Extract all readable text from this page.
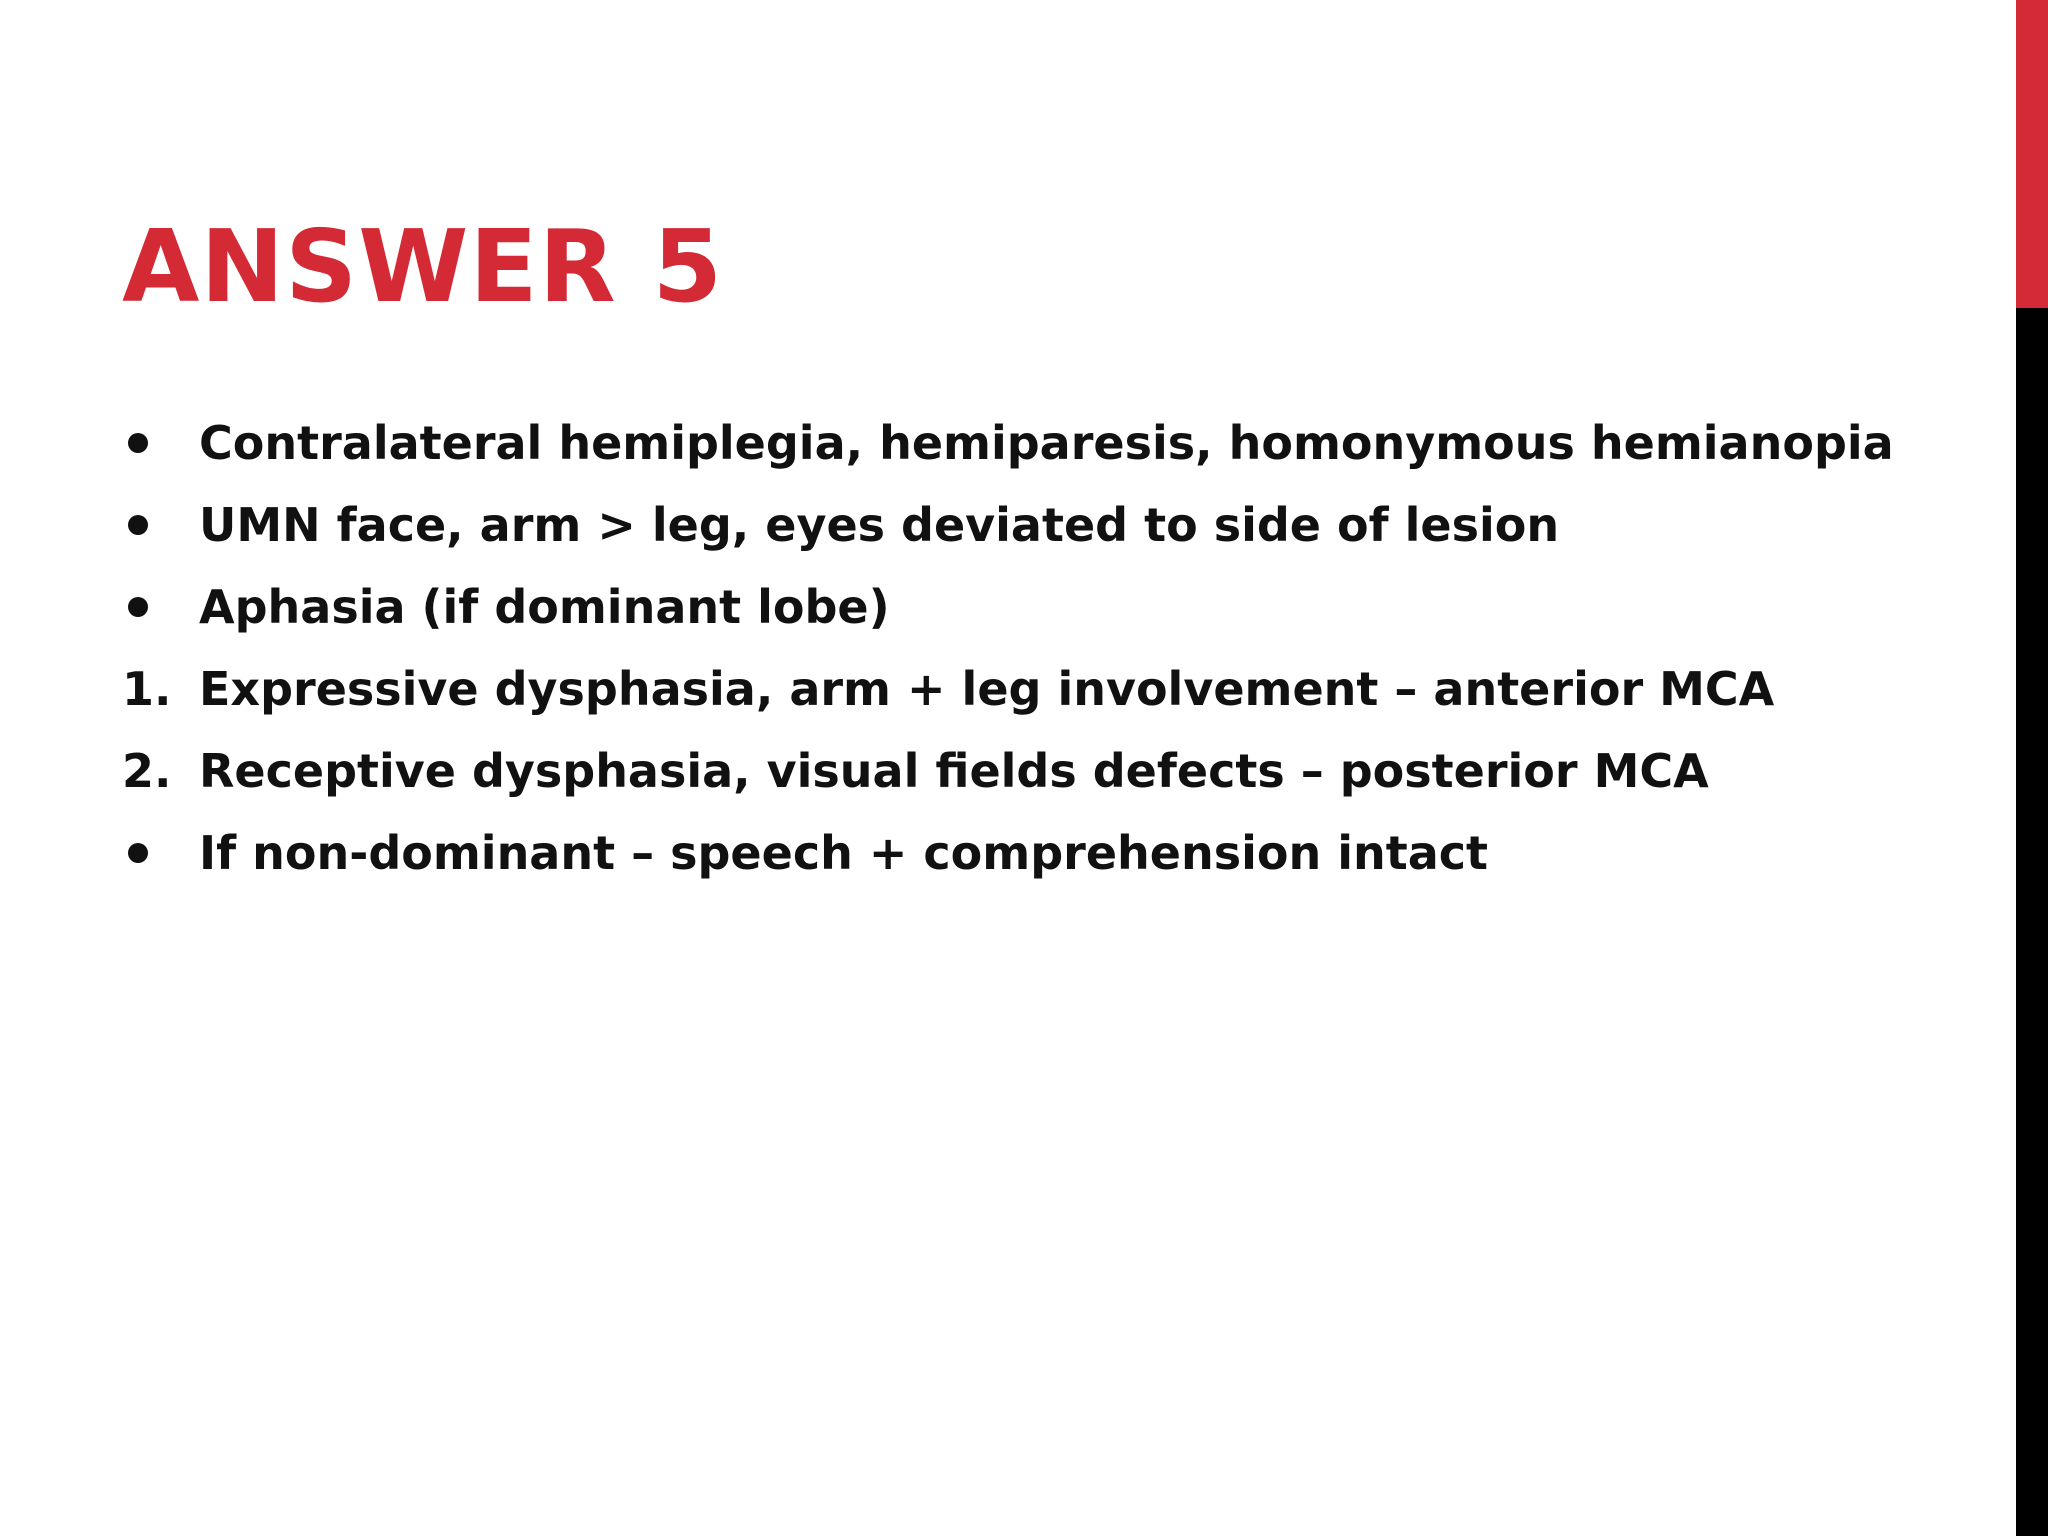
ANSWER 5
Contralateral hemiplegia, hemiparesis, homonymous hemianopia
UMN face, arm > leg, eyes deviated to side of lesion
Aphasia (if dominant lobe)
1. Expressive dysphasia, arm + leg involvement – anterior MCA
2. Receptive dysphasia, visual fields defects – posterior MCA
If non-dominant – speech + comprehension intact
